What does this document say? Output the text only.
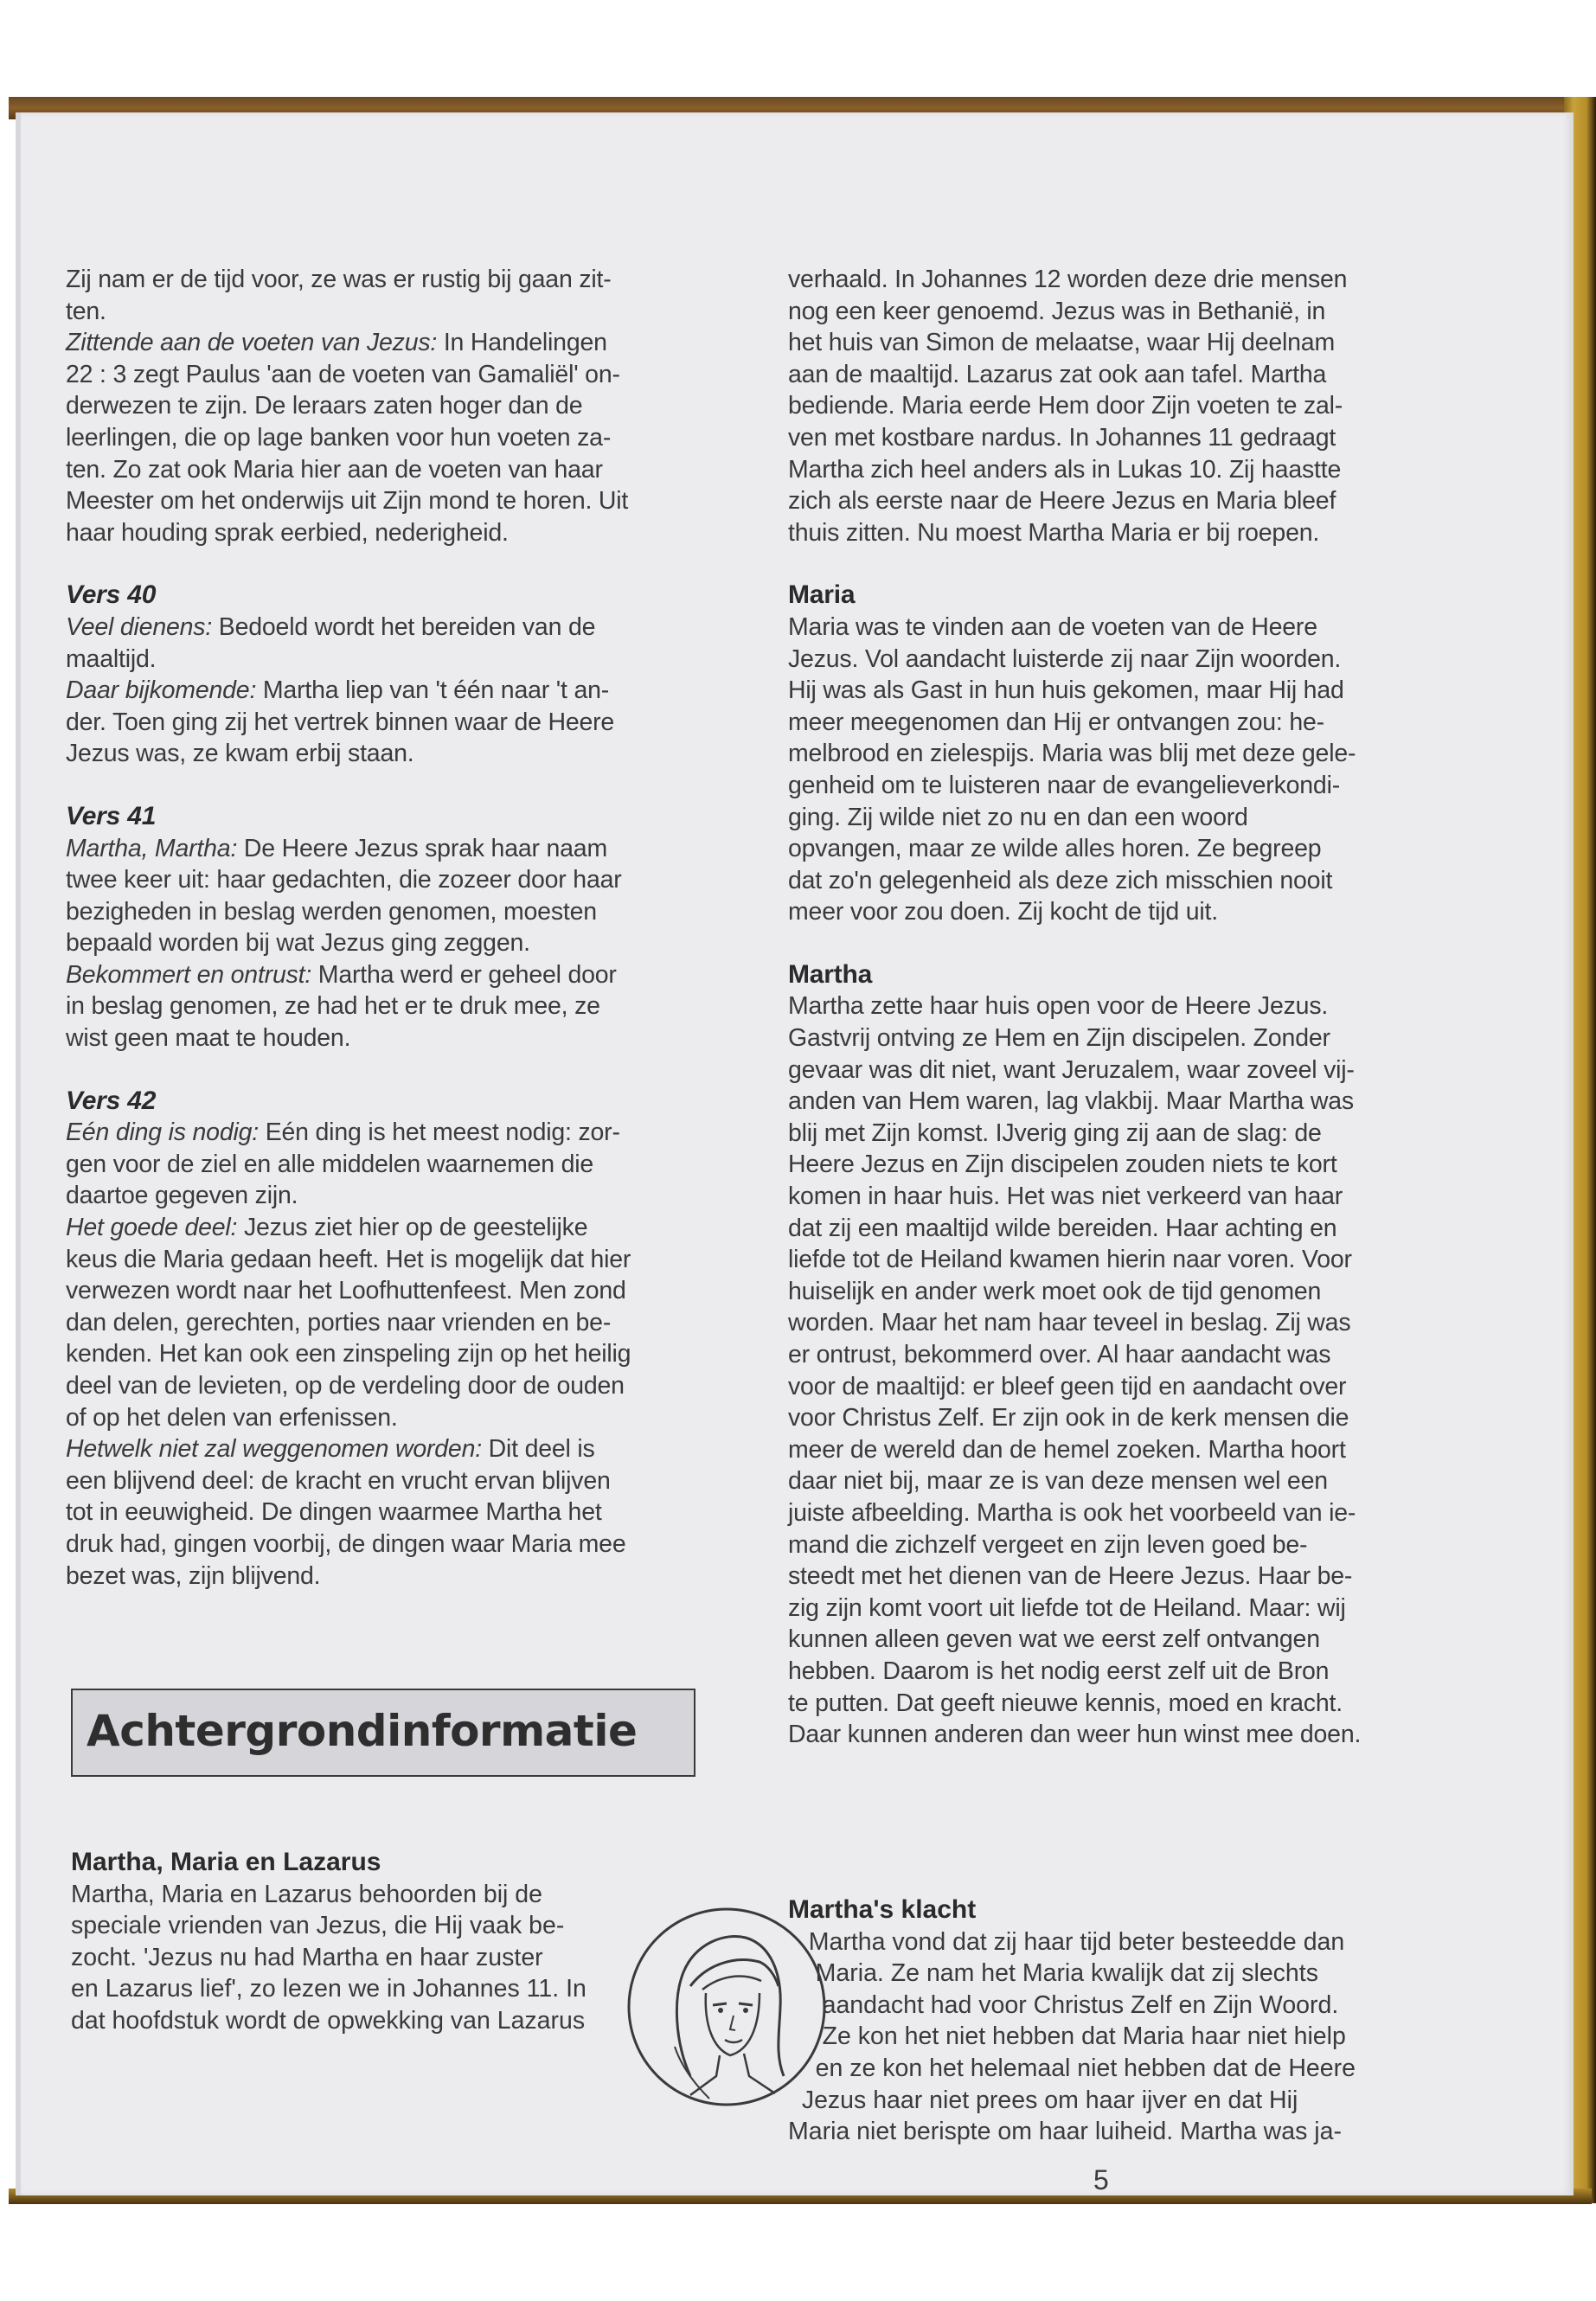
Zij nam er de tijd voor, ze was er rustig bij gaan zit-
ten.
Zittende aan de voeten van Jezus: In Handelingen
22 : 3 zegt Paulus 'aan de voeten van Gamaliël' on-
derwezen te zijn. De leraars zaten hoger dan de
leerlingen, die op lage banken voor hun voeten za-
ten. Zo zat ook Maria hier aan de voeten van haar
Meester om het onderwijs uit Zijn mond te horen. Uit
haar houding sprak eerbied, nederigheid.

Vers 40

Veel dienens: Bedoeld wordt het bereiden van de
maaltijd.
Daar bijkomende: Martha liep van 't één naar 't an-
der. Toen ging zij het vertrek binnen waar de Heere
Jezus was, ze kwam erbij staan.

Vers 41

Martha, Martha: De Heere Jezus sprak haar naam
twee keer uit: haar gedachten, die zozeer door haar
bezigheden in beslag werden genomen, moesten
bepaald worden bij wat Jezus ging zeggen.
Bekommert en ontrust: Martha werd er geheel door
in beslag genomen, ze had het er te druk mee, ze
wist geen maat te houden.

Vers 42

Eén ding is nodig: Eén ding is het meest nodig: zor-
gen voor de ziel en alle middelen waarnemen die
daartoe gegeven zijn.
Het goede deel: Jezus ziet hier op de geestelijke
keus die Maria gedaan heeft. Het is mogelijk dat hier
verwezen wordt naar het Loofhuttenfeest. Men zond
dan delen, gerechten, porties naar vrienden en be-
kenden. Het kan ook een zinspeling zijn op het heilig
deel van de levieten, op de verdeling door de ouden
of op het delen van erfenissen.
Hetwelk niet zal weggenomen worden: Dit deel is
een blijvend deel: de kracht en vrucht ervan blijven
tot in eeuwigheid. De dingen waarmee Martha het
druk had, gingen voorbij, de dingen waar Maria mee
bezet was, zijn blijvend.

Achtergrondinformatie

Martha, Maria en Lazarus

Martha, Maria en Lazarus behoorden bij de
speciale vrienden van Jezus, die Hij vaak be-
zocht. 'Jezus nu had Martha en haar zuster
en Lazarus lief', zo lezen we in Johannes 11. In
dat hoofdstuk wordt de opwekking van Lazarus

verhaald. In Johannes 12 worden deze drie mensen
nog een keer genoemd. Jezus was in Bethanië, in
het huis van Simon de melaatse, waar Hij deelnam
aan de maaltijd. Lazarus zat ook aan tafel. Martha
bediende. Maria eerde Hem door Zijn voeten te zal-
ven met kostbare nardus. In Johannes 11 gedraagt
Martha zich heel anders als in Lukas 10. Zij haastte
zich als eerste naar de Heere Jezus en Maria bleef
thuis zitten. Nu moest Martha Maria er bij roepen.

Maria

Maria was te vinden aan de voeten van de Heere
Jezus. Vol aandacht luisterde zij naar Zijn woorden.
Hij was als Gast in hun huis gekomen, maar Hij had
meer meegenomen dan Hij er ontvangen zou: he-
melbrood en zielespijs. Maria was blij met deze gele-
genheid om te luisteren naar de evangelieverkondi-
ging. Zij wilde niet zo nu en dan een woord
opvangen, maar ze wilde alles horen. Ze begreep
dat zo'n gelegenheid als deze zich misschien nooit
meer voor zou doen. Zij kocht de tijd uit.

Martha

Martha zette haar huis open voor de Heere Jezus.
Gastvrij ontving ze Hem en Zijn discipelen. Zonder
gevaar was dit niet, want Jeruzalem, waar zoveel vij-
anden van Hem waren, lag vlakbij. Maar Martha was
blij met Zijn komst. IJverig ging zij aan de slag: de
Heere Jezus en Zijn discipelen zouden niets te kort
komen in haar huis. Het was niet verkeerd van haar
dat zij een maaltijd wilde bereiden. Haar achting en
liefde tot de Heiland kwamen hierin naar voren. Voor
huiselijk en ander werk moet ook de tijd genomen
worden. Maar het nam haar teveel in beslag. Zij was
er ontrust, bekommerd over. Al haar aandacht was
voor de maaltijd: er bleef geen tijd en aandacht over
voor Christus Zelf. Er zijn ook in de kerk mensen die
meer de wereld dan de hemel zoeken. Martha hoort
daar niet bij, maar ze is van deze mensen wel een
juiste afbeelding. Martha is ook het voorbeeld van ie-
mand die zichzelf vergeet en zijn leven goed be-
steedt met het dienen van de Heere Jezus. Haar be-
zig zijn komt voort uit liefde tot de Heiland. Maar: wij
kunnen alleen geven wat we eerst zelf ontvangen
hebben. Daarom is het nodig eerst zelf uit de Bron
te putten. Dat geeft nieuwe kennis, moed en kracht.
Daar kunnen anderen dan weer hun winst mee doen.

Martha's klacht

Martha vond dat zij haar tijd beter besteedde dan
Maria. Ze nam het Maria kwalijk dat zij slechts
aandacht had voor Christus Zelf en Zijn Woord.
Ze kon het niet hebben dat Maria haar niet hielp
en ze kon het helemaal niet hebben dat de Heere
Jezus haar niet prees om haar ijver en dat Hij
Maria niet berispte om haar luiheid. Martha was ja-
5
